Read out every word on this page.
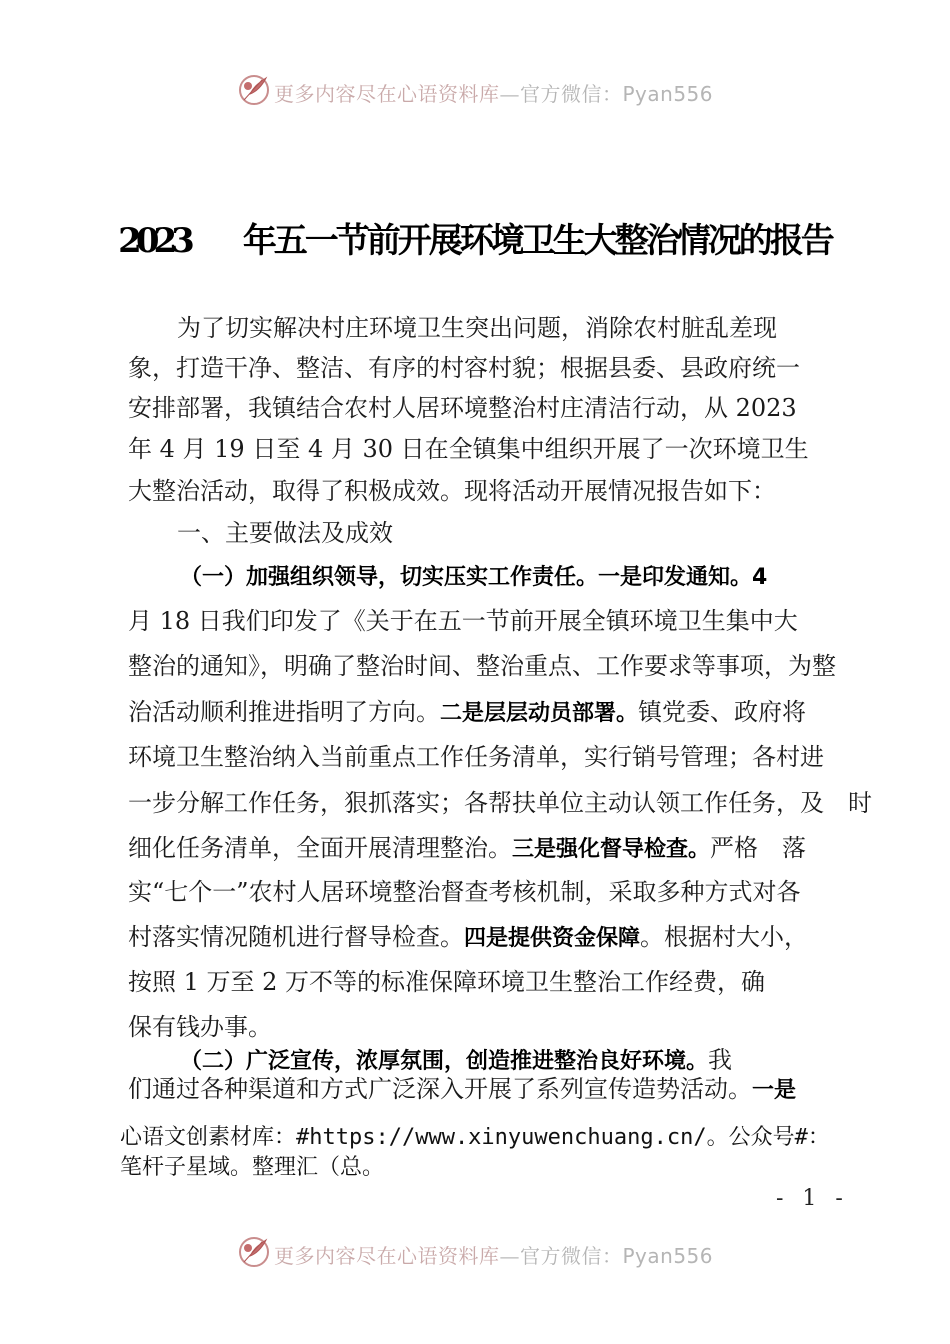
更多内容尽在心语资料库—官方微信：Pyan556
2023 年五一节前开展环境卫生大整治情况的报告
为了切实解决村庄环境卫生突出问题，消除农村脏乱差现
象，打造干净、整洁、有序的村容村貌；根据县委、县政府统一
安排部署，我镇结合农村人居环境整治村庄清洁行动，从 2023
年 4 月 19 日至 4 月 30 日在全镇集中组织开展了一次环境卫生
大整治活动，取得了积极成效。现将活动开展情况报告如下：
一、主要做法及成效
（一）加强组织领导，切实压实工作责任。一是印发通知。4
月 18 日我们印发了《关于在五一节前开展全镇环境卫生集中大
整治的通知》，明确了整治时间、整治重点、工作要求等事项，为整
治活动顺利推进指明了方向。二是层层动员部署。镇党委、政府将
环境卫生整治纳入当前重点工作任务清单，实行销号管理；各村进
一步分解工作任务，狠抓落实；各帮扶单位主动认领工作任务，及　时
细化任务清单，全面开展清理整治。三是强化督导检查。严格　落
实“七个一”农村人居环境整治督查考核机制，采取多种方式对各
村落实情况随机进行督导检查。四是提供资金保障。根据村大小，
按照 1 万至 2 万不等的标准保障环境卫生整治工作经费，确
保有钱办事。
（二）广泛宣传，浓厚氛围，创造推进整治良好环境。我
们通过各种渠道和方式广泛深入开展了系列宣传造势活动。一是
心语文创素材库：#https://www.xinyuwenchuang.cn/。公众号#：
笔杆子星域。整理汇（总。
- 1 -
更多内容尽在心语资料库—官方微信：Pyan556
